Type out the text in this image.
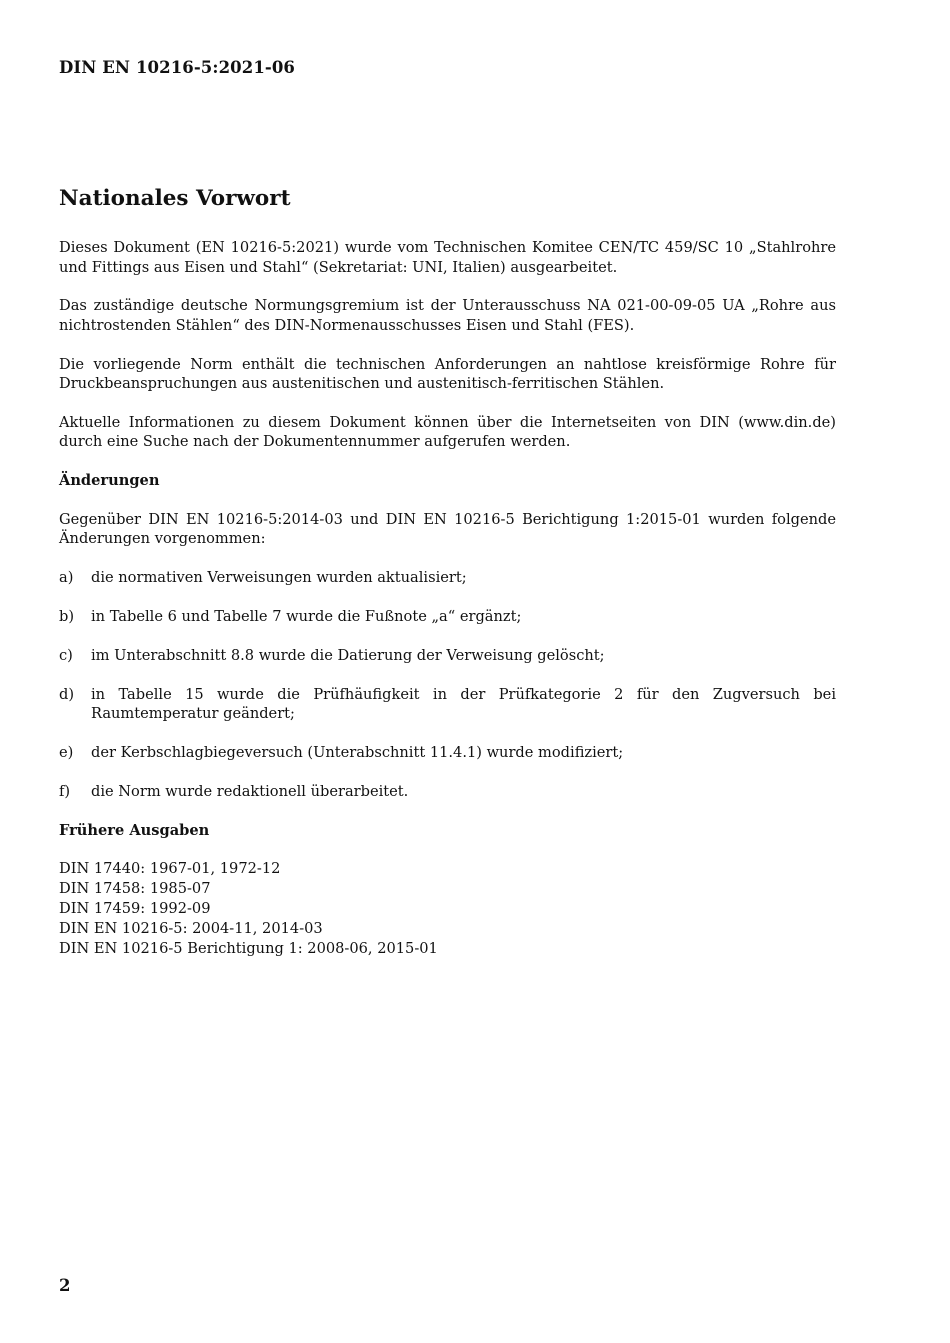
DIN EN 10216-5:2021-06
Nationales Vorwort

Dieses Dokument (EN 10216-5:2021) wurde vom Technischen Komitee CEN/TC 459/SC 10 „Stahlrohre und Fittings aus Eisen und Stahl“ (Sekretariat: UNI, Italien) ausgearbeitet.

Das zuständige deutsche Normungsgremium ist der Unterausschuss NA 021-00-09-05 UA „Rohre aus nichtrostenden Stählen“ des DIN-Normenausschusses Eisen und Stahl (FES).

Die vorliegende Norm enthält die technischen Anforderungen an nahtlose kreisförmige Rohre für Druckbeanspruchungen aus austenitischen und austenitisch-ferritischen Stählen.

Aktuelle Informationen zu diesem Dokument können über die Internetseiten von DIN (www.din.de) durch eine Suche nach der Dokumentennummer aufgerufen werden.

Änderungen

Gegenüber DIN EN 10216-5:2014-03 und DIN EN 10216-5 Berichtigung 1:2015-01 wurden folgende Änderungen vorgenommen:

a)	die normativen Verweisungen wurden aktualisiert;
b)	in Tabelle 6 und Tabelle 7 wurde die Fußnote „a“ ergänzt;
c)	im Unterabschnitt 8.8 wurde die Datierung der Verweisung gelöscht;
d)	in Tabelle 15 wurde die Prüfhäufigkeit in der Prüfkategorie 2 für den Zugversuch bei Raumtemperatur geändert;
e)	der Kerbschlagbiegeversuch (Unterabschnitt 11.4.1) wurde modifiziert;
f)	die Norm wurde redaktionell überarbeitet.
Frühere Ausgaben
DIN 17440: 1967-01, 1972-12
DIN 17458: 1985-07
DIN 17459: 1992-09
DIN EN 10216-5: 2004-11, 2014-03
DIN EN 10216-5 Berichtigung 1: 2008-06, 2015-01
2
